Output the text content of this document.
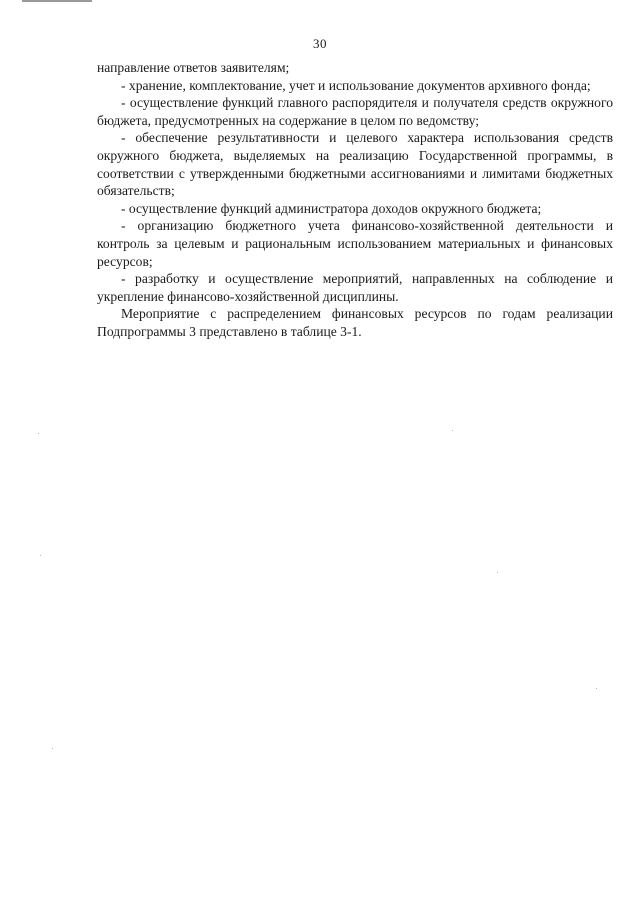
30

направление ответов заявителям;

- хранение, комплектование, учет и использование документов архивного фонда;

- осуществление функций главного распорядителя и получателя средств окружного бюджета, предусмотренных на содержание в целом по ведомству;

- обеспечение результативности и целевого характера использования средств окружного бюджета, выделяемых на реализацию Государственной программы, в соответствии с утвержденными бюджетными ассигнованиями и лимитами бюджетных обязательств;

- осуществление функций администратора доходов окружного бюджета;

- организацию бюджетного учета финансово-хозяйственной деятельности и контроль за целевым и рациональным использованием материальных и финансовых ресурсов;

- разработку и осуществление мероприятий, направленных на соблюдение и укрепление финансово-хозяйственной дисциплины.

Мероприятие с распределением финансовых ресурсов по годам реализации Подпрограммы 3 представлено в таблице 3-1.
